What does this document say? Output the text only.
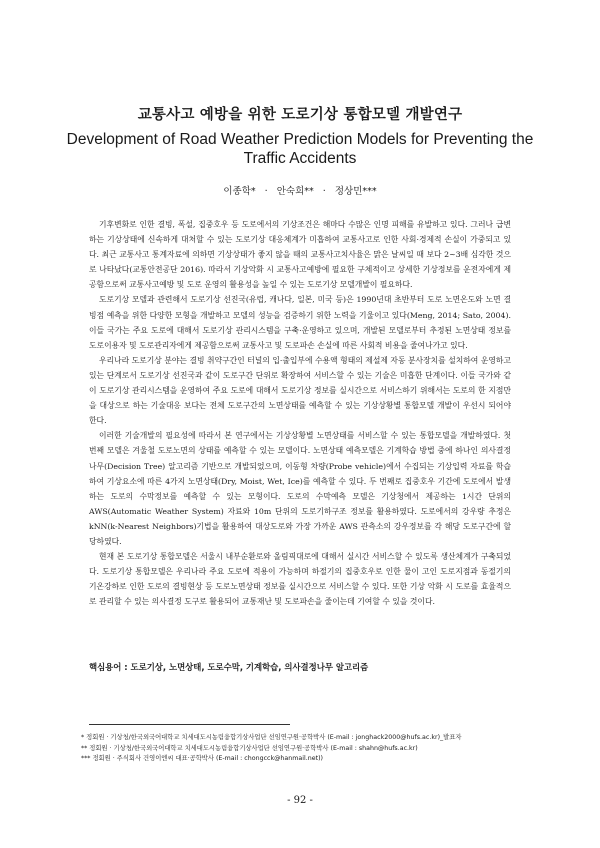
교통사고 예방을 위한 도로기상 통합모델 개발연구
Development of Road Weather Prediction Models for Preventing the Traffic Accidents
이종학* · 안숙희** · 정상민***

기후변화로 인한 결빙, 폭설, 집중호우 등 도로에서의 기상조건은 해마다 수많은 인명 피해를 유발하고 있다. 그러나 급변하는 기상상태에 신속하게 대처할 수 있는 도로기상 대응체계가 미흡하여 교통사고로 인한 사회·경제적 손실이 가중되고 있다. 최근 교통사고 통계자료에 의하면 기상상태가 좋지 않을 때의 교통사고치사율은 맑은 날씨일 때 보다 2~3배 심각한 것으로 나타났다(교통안전공단 2016). 따라서 기상악화 시 교통사고예방에 필요한 구체적이고 상세한 기상정보를 운전자에게 제공함으로써 교통사고예방 및 도로 운영의 활용성을 높일 수 있는 도로기상 모델개발이 필요하다.

도로기상 모델과 관련해서 도로기상 선진국(유럽, 캐나다, 일본, 미국 등)은 1990년대 초반부터 도로 노면온도와 노면 결빙점 예측을 위한 다양한 모형을 개발하고 모델의 성능을 검증하기 위한 노력을 기울이고 있다(Meng, 2014; Sato, 2004). 이들 국가는 주요 도로에 대해서 도로기상 관리시스템을 구축·운영하고 있으며, 개발된 모델로부터 추정된 노면상태 정보를 도로이용자 및 도로관리자에게 제공함으로써 교통사고 및 도로파손 손실에 따른 사회적 비용을 줄여나가고 있다.

우리나라 도로기상 분야는 결빙 취약구간인 터널의 입·출입부에 수용액 형태의 제설제 자동 분사장치를 설치하여 운영하고 있는 단계로서 도로기상 선진국과 같이 도로구간 단위로 확장하여 서비스할 수 있는 기술은 미흡한 단계이다. 이들 국가와 같이 도로기상 관리시스템을 운영하여 주요 도로에 대해서 도로기상 정보를 실시간으로 서비스하기 위해서는 도로의 한 지점만을 대상으로 하는 기술대응 보다는 전체 도로구간의 노면상태를 예측할 수 있는 기상상황별 통합모델 개발이 우선시 되어야 한다.

이러한 기술개발의 필요성에 따라서 본 연구에서는 기상상황별 노면상태를 서비스할 수 있는 통합모델을 개발하였다. 첫 번째 모델은 겨울철 도로노면의 상태를 예측할 수 있는 모델이다. 노면상태 예측모델은 기계학습 방법 중에 하나인 의사결정나무(Decision Tree) 알고리즘 기반으로 개발되었으며, 이동형 차량(Probe vehicle)에서 수집되는 기상입력 자료를 학습하여 기상요소에 따른 4가지 노면상태(Dry, Moist, Wet, Ice)를 예측할 수 있다. 두 번째로 집중호우 기간에 도로에서 발생하는 도로의 수막정보를 예측할 수 있는 모형이다. 도로의 수막예측 모델은 기상청에서 제공하는 1시간 단위의 AWS(Automatic Weather System) 자료와 10m 단위의 도로기하구조 정보를 활용하였다. 도로에서의 강우량 추정은 kNN(k-Nearest Neighbors)기법을 활용하여 대상도로와 가장 가까운 AWS 관측소의 강우정보를 각 해당 도로구간에 할당하였다.

현재 본 도로기상 통합모델은 서울시 내부순환로와 올림픽대로에 대해서 실시간 서비스할 수 있도록 생산체계가 구축되었다. 도로기상 통합모델은 우리나라 주요 도로에 적용이 가능하며 하절기의 집중호우로 인한 물이 고인 도로지점과 동절기의 기온강하로 인한 도로의 결빙현상 등 도로노면상태 정보를 실시간으로 서비스할 수 있다. 또한 기상 악화 시 도로를 효율적으로 관리할 수 있는 의사결정 도구로 활용되어 교통재난 및 도로파손을 줄이는데 기여할 수 있을 것이다.

핵심용어 : 도로기상, 노면상태, 도로수막, 기계학습, 의사결정나무 알고리즘
* 정회원 · 기상청/한국외국어대학교 치세대도시농림융합기상사업단 선임연구원·공학박사 (E-mail : jonghack2000@hufs.ac.kr)_발표자
** 정회원 · 기상청/한국외국어대학교 치세대도시농림융합기상사업단 선임연구원·공학박사 (E-mail : shahn@hufs.ac.kr)
*** 정회원 · 주식회사 건영이엔씨 대표·공학박사 (E-mail : chongcck@hanmail.net))
- 92 -
